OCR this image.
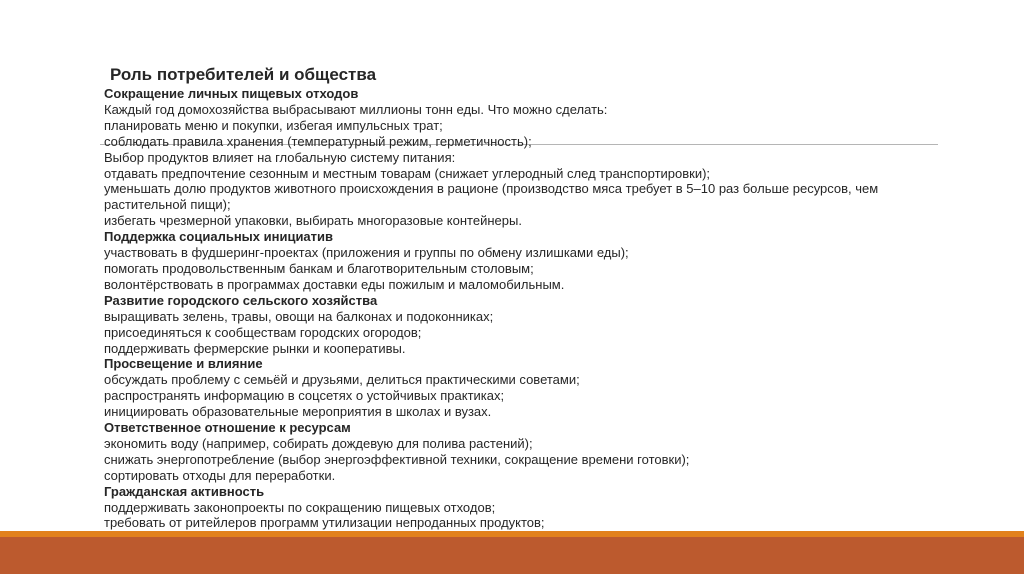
Роль потребителей и общества
Сокращение личных пищевых отходов
Каждый год домохозяйства выбрасывают миллионы тонн еды. Что можно сделать:
планировать меню и покупки, избегая импульсных трат;
соблюдать правила хранения (температурный режим, герметичность);
Выбор продуктов влияет на глобальную систему питания:
отдавать предпочтение сезонным и местным товарам (снижает углеродный след транспортировки);
уменьшать долю продуктов животного происхождения в рационе (производство мяса требует в 5–10 раз больше ресурсов, чем растительной пищи);
избегать чрезмерной упаковки, выбирать многоразовые контейнеры.
Поддержка социальных инициатив
участвовать в фудшеринг-проектах (приложения и группы по обмену излишками еды);
помогать продовольственным банкам и благотворительным столовым;
волонтёрствовать в программах доставки еды пожилым и маломобильным.
Развитие городского сельского хозяйства
выращивать зелень, травы, овощи на балконах и подоконниках;
присоединяться к сообществам городских огородов;
поддерживать фермерские рынки и кооперативы.
Просвещение и влияние
обсуждать проблему с семьёй и друзьями, делиться практическими советами;
распространять информацию в соцсетях о устойчивых практиках;
инициировать образовательные мероприятия в школах и вузах.
Ответственное отношение к ресурсам
экономить воду (например, собирать дождевую для полива растений);
снижать энергопотребление (выбор энергоэффективной техники, сокращение времени готовки);
сортировать отходы для переработки.
Гражданская активность
поддерживать законопроекты по сокращению пищевых отходов;
требовать от ритейлеров программ утилизации непроданных продуктов;
